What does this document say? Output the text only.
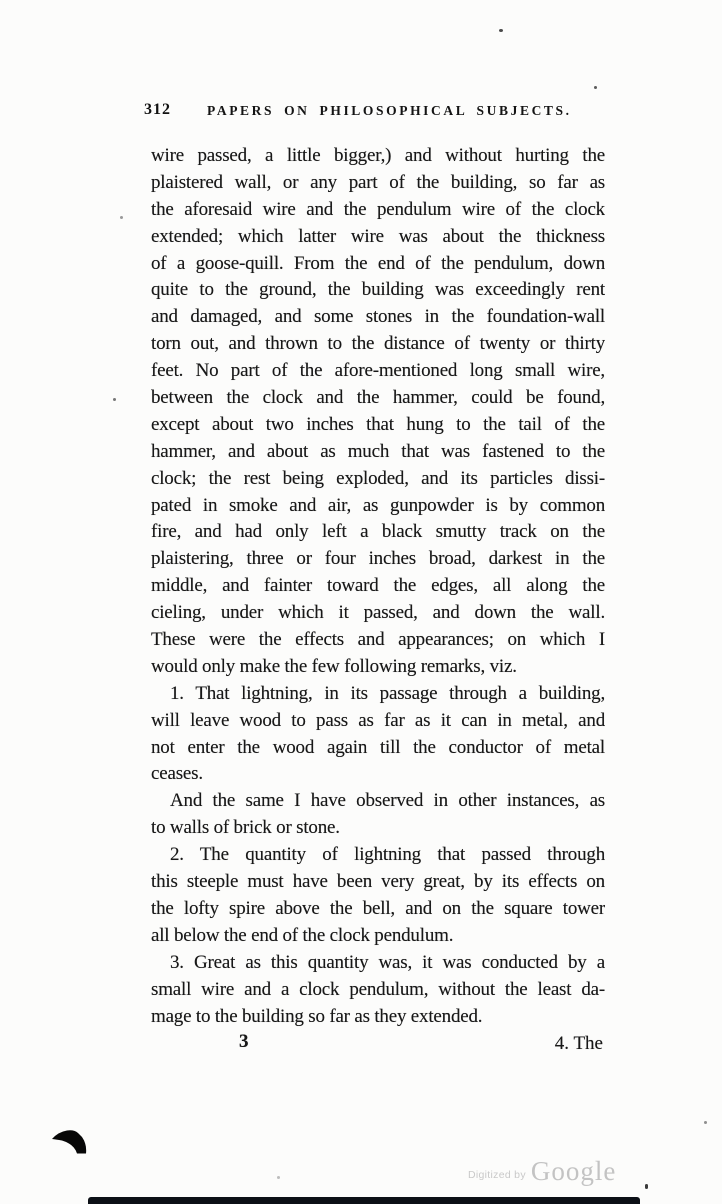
312	PAPERS ON PHILOSOPHICAL SUBJECTS.
wire passed, a little bigger,) and without hurting the
plaistered wall, or any part of the building, so far as
the aforesaid wire and the pendulum wire of the clock
extended; which latter wire was about the thickness
of a goose-quill. From the end of the pendulum, down
quite to the ground, the building was exceedingly rent
and damaged, and some stones in the foundation-wall
torn out, and thrown to the distance of twenty or thirty
feet. No part of the afore-mentioned long small wire,
between the clock and the hammer, could be found,
except about two inches that hung to the tail of the
hammer, and about as much that was fastened to the
clock; the rest being exploded, and its particles dissi-
pated in smoke and air, as gunpowder is by common
fire, and had only left a black smutty track on the
plaistering, three or four inches broad, darkest in the
middle, and fainter toward the edges, all along the
cieling, under which it passed, and down the wall.
These were the effects and appearances; on which I
would only make the few following remarks, viz.
1. That lightning, in its passage through a building,
will leave wood to pass as far as it can in metal, and
not enter the wood again till the conductor of metal
ceases.
And the same I have observed in other instances, as
to walls of brick or stone.
2. The quantity of lightning that passed through
this steeple must have been very great, by its effects on
the lofty spire above the bell, and on the square tower
all below the end of the clock pendulum.
3. Great as this quantity was, it was conducted by a
small wire and a clock pendulum, without the least da-
mage to the building so far as they extended.
3	4. The
Digitized by Google
